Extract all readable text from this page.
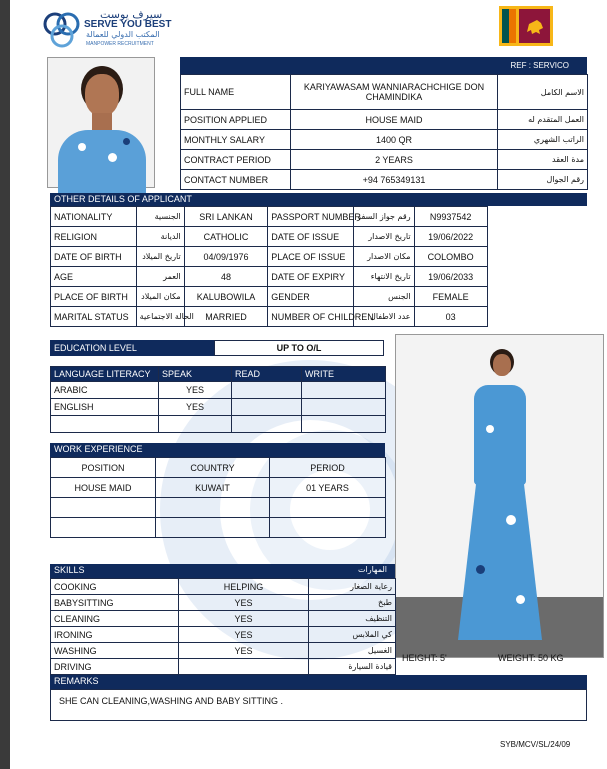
سيرف يوست
SERVE YOU BEST
المكتب الدولي للعمالة
MANPOWER RECRUITMENT
REF : SERVICO
FULL NAME	KARIYAWASAM WANNIARACHCHIGE DON CHAMINDIKA	الاسم الكامل
POSITION APPLIED	HOUSE MAID	العمل المتقدم له
MONTHLY SALARY	1400 QR	الراتب الشهري
CONTRACT PERIOD	2 YEARS	مدة العقد
CONTACT NUMBER	+94 765349131	رقم الجوال
OTHER DETAILS OF APPLICANT
NATIONALITY	الجنسية	SRI LANKAN	PASSPORT NUMBER	رقم جواز السفر	N9937542
RELIGION	الديانة	CATHOLIC	DATE OF ISSUE	تاريخ الاصدار	19/06/2022
DATE OF BIRTH	تاريخ الميلاد	04/09/1976	PLACE OF ISSUE	مكان الاصدار	COLOMBO
AGE	العمر	48	DATE OF EXPIRY	تاريخ الانتهاء	19/06/2033
PLACE OF BIRTH	مكان الميلاد	KALUBOWILA	GENDER	الجنس	FEMALE
MARITAL STATUS	الحالة الاجتماعية	MARRIED	NUMBER OF CHILDREN	عدد الاطفال	03
EDUCATION LEVEL	UP TO O/L
LANGUAGE LITERACY	SPEAK	READ	WRITE
ARABIC	YES		
ENGLISH	YES		

WORK EXPERIENCE
POSITION	COUNTRY	PERIOD
HOUSE MAID	KUWAIT	01 YEARS

SKILLS	المهارات
COOKING	HELPING	رعاية الصغار
BABYSITTING	YES	طبخ
CLEANING	YES	التنظيف
IRONING	YES	كي الملابس
WASHING	YES	الغسيل
DRIVING		قيادة السيارة
HEIGHT: 5'	WEIGHT: 50 KG
REMARKS
SHE CAN CLEANING,WASHING AND BABY SITTING .
SYB/MCV/SL/24/09
